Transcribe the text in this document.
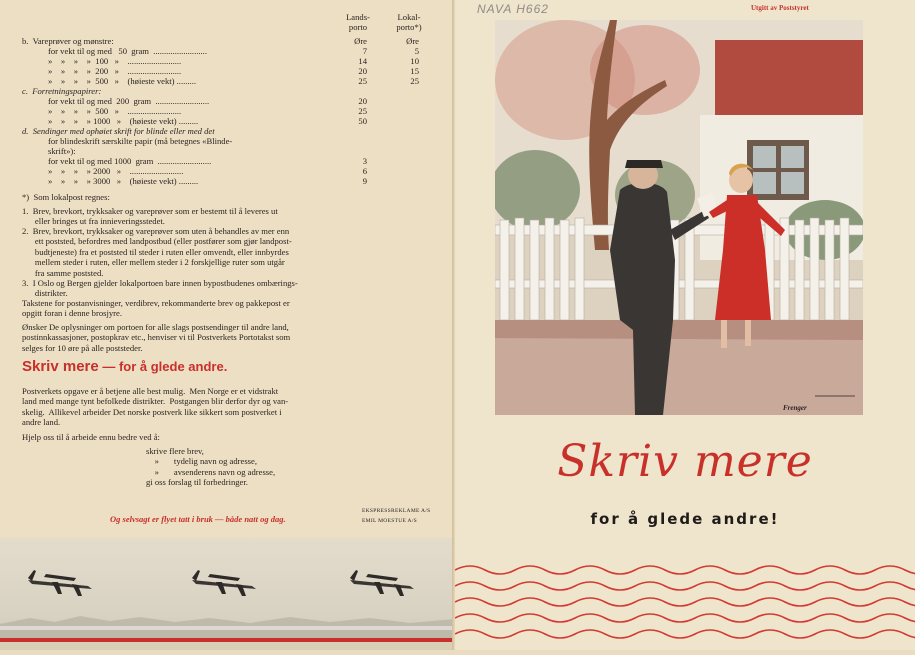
Lands-
porto
Lokal-
porto*)
b.  Vareprøver og mønstre:	Øre	Øre
for vekt til og med   50  gram  .........................	7	5
»    »    »    »  100   »    .........................	14	10
»    »    »    »  200   »    .........................	20	15
»    »    »    »  500   »    (høieste vekt) .........	25	25
c.  Forretningspapirer:
for vekt til og med  200  gram  .........................	20
»    »    »    »  500   »    .........................	25
»    »    »    » 1000   »    (høieste vekt) .........	50
d.  Sendinger med ophøiet skrift for blinde eller med det
for blindeskrift særskilte papir (må betegnes «Blinde-
skrift»):
for vekt til og med 1000  gram  .........................	3
»    »    »    » 2000   »    .........................	6
»    »    »    » 3000   »    (høieste vekt) .........	9
*)  Som lokalpost regnes:
1.  Brev, brevkort, trykksaker og vareprøver som er bestemt til å leveres ut
eller bringes ut fra innieveringsstedet.
2.  Brev, brevkort, trykksaker og vareprøver som uten å behandles av mer enn
ett poststed, befordres med landpostbud (eller postfører som gjør landpost-
budtjeneste) fra et poststed til steder i ruten eller omvendt, eller innbyrdes
mellem steder i ruten, eller mellem steder i 2 forskjellige ruter som utgår
fra samme poststed.
3.  I Oslo og Bergen gjelder lokalportoen bare innen bypostbudenes ombærings-
distrikter.
Takstene for postanvisninger, verdibrev, rekommanderte brev og pakkepost er
opgitt foran i denne brosjyre.
Ønsker De oplysninger om portoen for alle slags postsendinger til andre land,
postinnkassasjoner, postopkrav etc., henviser vi til Postverkets Portotakst som
selges for 10 øre på alle poststeder.
Skriv mere — for å glede andre.
Postverkets opgave er å betjene alle best mulig.  Men Norge er et vidstrakt
land med mange tynt befolkede distrikter.  Postgangen blir derfor dyr og van-
skelig.  Allikevel arbeider Det norske postverk like sikkert som postverket i
andre land.
Hjelp oss til å arbeide ennu bedre ved å:
skrive flere brev,
»       tydelig navn og adresse,
»       avsenderens navn og adresse,
gi oss forslag til forbedringer.
Og selvsagt er flyet tatt i bruk — både natt og dag.
EKSPRESSREKLAME A/S
EMIL MOESTUE A/S
NAVA H662	Utgitt av Poststyret
Frenger
Skriv mere
for å glede andre!
